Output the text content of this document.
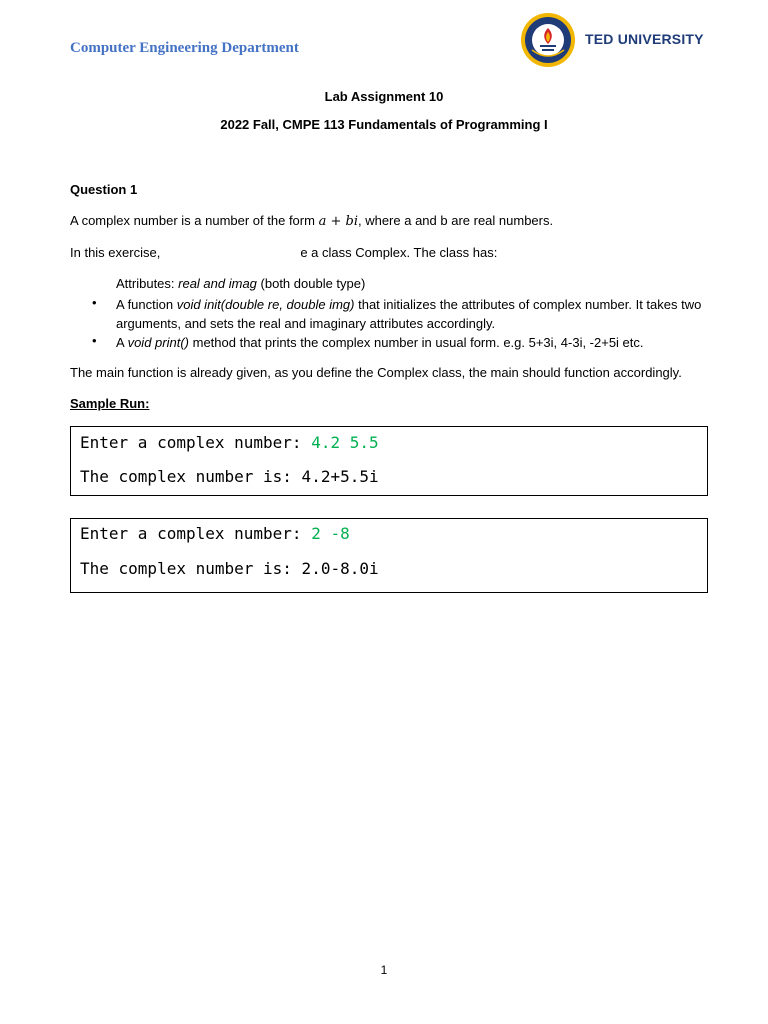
Computer Engineering Department
TED UNIVERSITY
Lab Assignment 10
2022 Fall, CMPE 113 Fundamentals of Programming I
Question 1
A complex number is a number of the form a + bi, where a and b are real numbers.
In this exercise,	e a class Complex. The class has:
Attributes: real and imag (both double type)
• A function void init(double re, double img) that initializes the attributes of complex number. It takes two arguments, and sets the real and imaginary attributes accordingly.
• A void print() method that prints the complex number in usual form. e.g. 5+3i, 4-3i, -2+5i etc.
The main function is already given, as you define the Complex class, the main should function accordingly.
Sample Run:
Enter a complex number: 4.2 5.5
The complex number is: 4.2+5.5i
Enter a complex number: 2 -8
The complex number is: 2.0-8.0i
1
